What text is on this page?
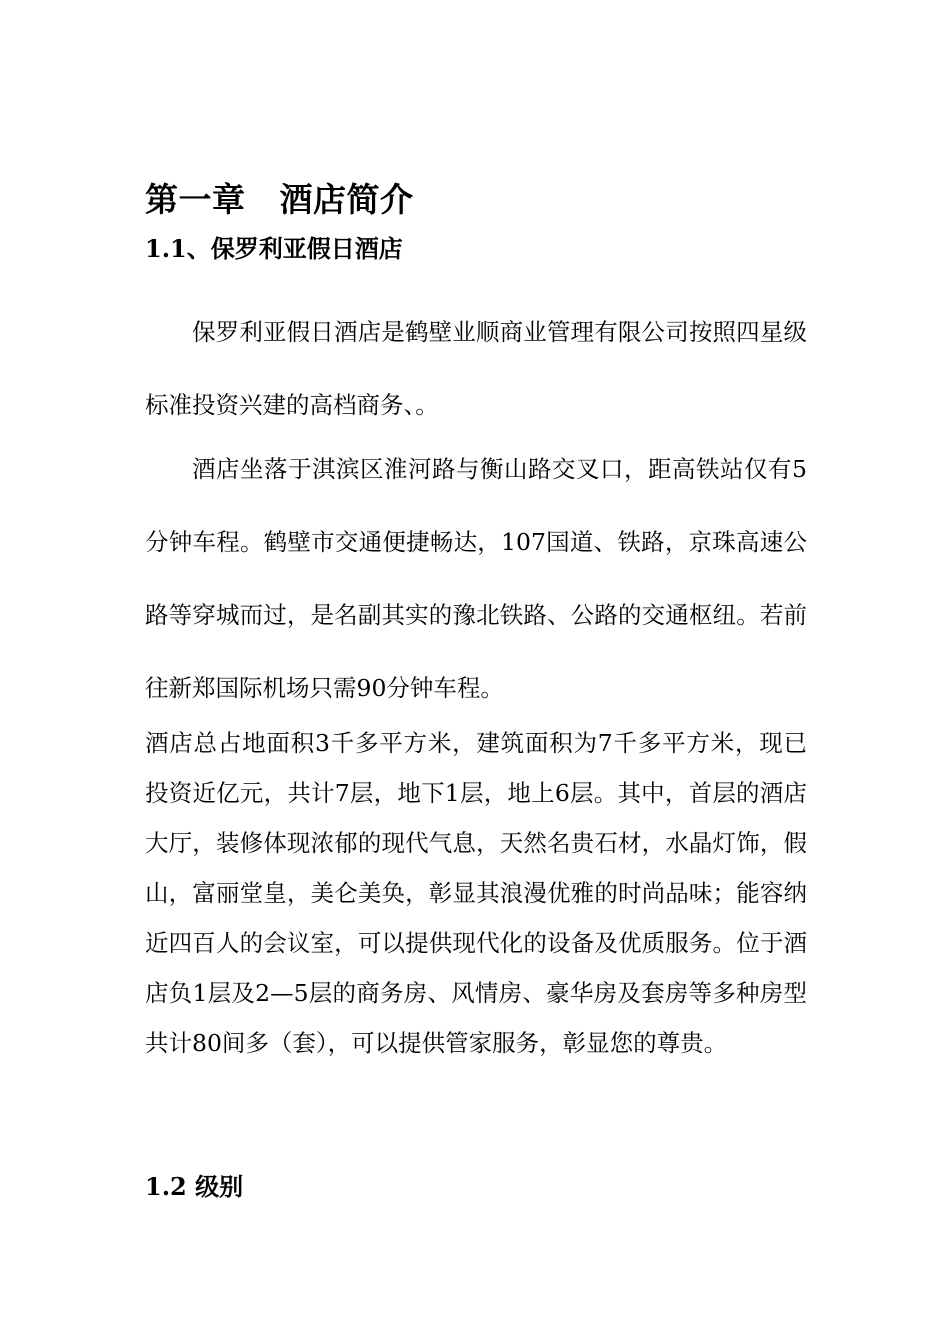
第一章 酒店简介
1.1、保罗利亚假日酒店

保罗利亚假日酒店是鹤壁业顺商业管理有限公司按照四星级标准投资兴建的高档商务、。

酒店坐落于淇滨区淮河路与衡山路交叉口，距高铁站仅有5分钟车程。鹤壁市交通便捷畅达，107国道、铁路，京珠高速公路等穿城而过，是名副其实的豫北铁路、公路的交通枢纽。若前往新郑国际机场只需90分钟车程。

酒店总占地面积3千多平方米，建筑面积为7千多平方米，现已投资近亿元，共计7层，地下1层，地上6层。其中，首层的酒店大厅，装修体现浓郁的现代气息，天然名贵石材，水晶灯饰，假山，富丽堂皇，美仑美奂，彰显其浪漫优雅的时尚品味；能容纳近四百人的会议室，可以提供现代化的设备及优质服务。位于酒店负1层及2—5层的商务房、风情房、豪华房及套房等多种房型共计80间多（套），可以提供管家服务，彰显您的尊贵。

1.2 级别
